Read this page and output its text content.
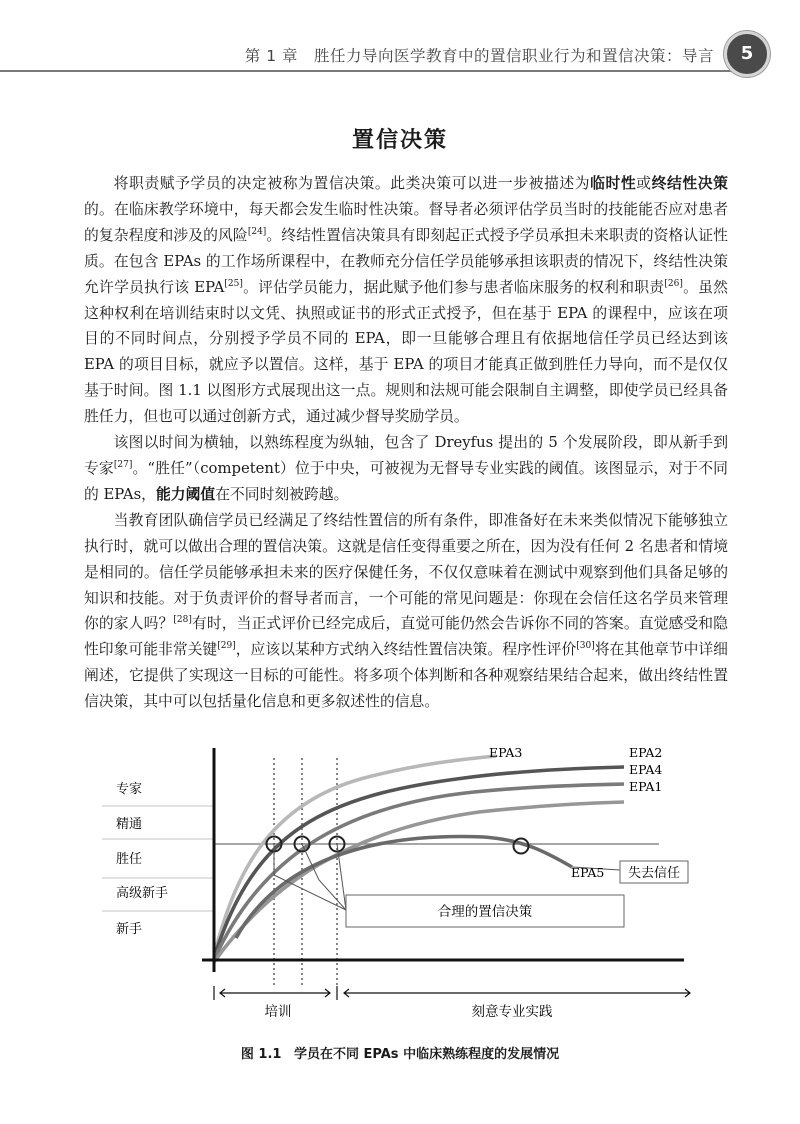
第 1 章　胜任力导向医学教育中的置信职业行为和置信决策：导言	5
置信决策

将职责赋予学员的决定被称为置信决策。此类决策可以进一步被描述为临时性或终结性决策的。在临床教学环境中，每天都会发生临时性决策。督导者必须评估学员当时的技能能否应对患者的复杂程度和涉及的风险[24]。终结性置信决策具有即刻起正式授予学员承担未来职责的资格认证性质。在包含 EPAs 的工作场所课程中，在教师充分信任学员能够承担该职责的情况下，终结性决策允许学员执行该 EPA[25]。评估学员能力，据此赋予他们参与患者临床服务的权利和职责[26]。虽然这种权利在培训结束时以文凭、执照或证书的形式正式授予，但在基于 EPA 的课程中，应该在项目的不同时间点，分别授予学员不同的 EPA，即一旦能够合理且有依据地信任学员已经达到该 EPA 的项目目标，就应予以置信。这样，基于 EPA 的项目才能真正做到胜任力导向，而不是仅仅基于时间。图 1.1 以图形方式展现出这一点。规则和法规可能会限制自主调整，即使学员已经具备胜任力，但也可以通过创新方式，通过减少督导奖励学员。

该图以时间为横轴，以熟练程度为纵轴，包含了 Dreyfus 提出的 5 个发展阶段，即从新手到专家[27]。“胜任”（competent）位于中央，可被视为无督导专业实践的阈值。该图显示，对于不同的 EPAs，能力阈值在不同时刻被跨越。

当教育团队确信学员已经满足了终结性置信的所有条件，即准备好在未来类似情况下能够独立执行时，就可以做出合理的置信决策。这就是信任变得重要之所在，因为没有任何 2 名患者和情境是相同的。信任学员能够承担未来的医疗保健任务，不仅仅意味着在测试中观察到他们具备足够的知识和技能。对于负责评价的督导者而言，一个可能的常见问题是：你现在会信任这名学员来管理你的家人吗？[28]有时，当正式评价已经完成后，直觉可能仍然会告诉你不同的答案。直觉感受和隐性印象可能非常关键[29]，应该以某种方式纳入终结性置信决策。程序性评价[30]将在其他章节中详细阐述，它提供了实现这一目标的可能性。将多项个体判断和各种观察结果结合起来，做出终结性置信决策，其中可以包括量化信息和更多叙述性的信息。

合理的置信决策
失去信任
专家
精通
胜任
高级新手
新手
EPA3	EPA2
EPA4
EPA1
EPA5
培训	刻意专业实践
图 1.1 学员在不同 EPAs 中临床熟练程度的发展情况
